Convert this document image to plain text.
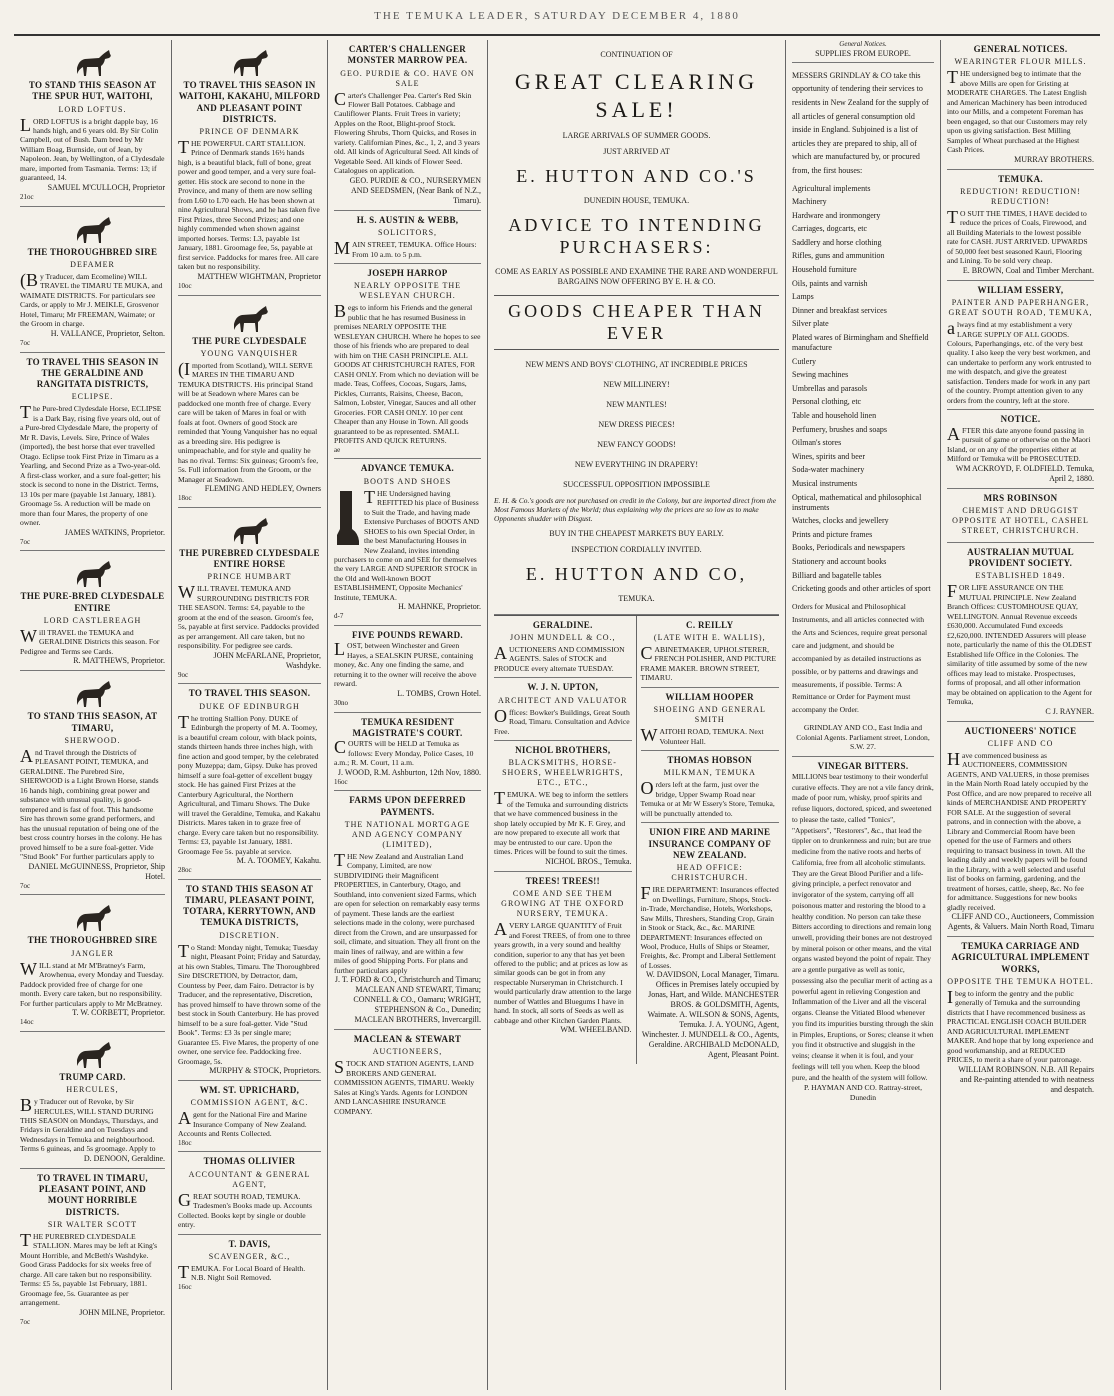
THE TEMUKA LEADER, SATURDAY DECEMBER 4, 1880
TO STAND THIS SEASON AT THE SPUR HUT, WAITOHI,
LORD LOFTUS.

LORD LOFTUS is a bright dapple bay, 16 hands high, and 6 years old. By Sir Colin Campbell, out of Bush. Dam bred by Mr William Boag, Burnside, out of Jean, by Napoleon. Jean, by Wellington, of a Clydesdale mare, imported from Tasmania. Terms: 13; if guaranteed, 14.

SAMUEL M'CULLOCH, Proprietor
21oc
THE THOROUGHBRED SIRE
DEFAMER

(By Traducer, dam Ecomeline) WILL TRAVEL the TIMARU TE MUKA, and WAIMATE DISTRICTS. For particulars see Cards, or apply to Mr J. MEIKLE, Grosvenor Hotel, Timaru; Mr FREEMAN, Waimate; or the Groom in charge.

H. VALLANCE, Proprietor, Selton.
7oc
TO TRAVEL THIS SEASON IN THE GERALDINE AND RANGITATA DISTRICTS,
ECLIPSE.

The Pure-bred Clydesdale Horse, ECLIPSE is a Dark Bay, rising five years old, out of a Pure-bred Clydesdale Mare, the property of Mr R. Davis, Levels. Sire, Prince of Wales (imported), the best horse that ever travelled Otago. Eclipse took First Prize in Timaru as a Yearling, and Second Prize as a Two-year-old. A first-class worker, and a sure foal-getter; his stock is second to none in the District. Terms, 13 10s per mare (payable 1st January, 1881). Groomage 5s. A reduction will be made on more than four Mares, the property of one owner.

JAMES WATKINS, Proprietor.
7oc
THE PURE-BRED CLYDESDALE ENTIRE
LORD CASTLEREAGH

Will TRAVEL the TEMUKA and GERALDINE Districts this season. For Pedigree and Terms see Cards.

R. MATTHEWS, Proprietor.
TO STAND THIS SEASON, AT TIMARU,
SHERWOOD.

And Travel through the Districts of PLEASANT POINT, TEMUKA, and GERALDINE. The Purebred Sire, SHERWOOD is a Light Brown Horse, stands 16 hands high, combining great power and substance with unusual quality, is good-tempered and is fast of foot. This handsome Sire has thrown some grand performers, and has the unusual reputation of being one of the best cross country horses in the colony. He has proved himself to be a sure foal-getter. Vide "Stud Book" For further particulars apply to

DANIEL McGUINNESS, Proprietor, Ship Hotel.
7oc
THE THOROUGHBRED SIRE
JANGLER

WILL stand at Mr M'Bratney's Farm, Arowhenua, every Monday and Tuesday. Paddock provided free of charge for one month. Every care taken, but no responsibility. For further particulars apply to Mr McBratney.

T. W. CORBETT, Proprietor.
14oc
TRUMP CARD.
HERCULES,

By Traducer out of Revoke, by Sir HERCULES, WILL STAND DURING THIS SEASON on Mondays, Thursdays, and Fridays in Geraldine and on Tuesdays and Wednesdays in Temuka and neighbourhood. Terms 6 guineas, and 5s groomage. Apply to

D. DENOON, Geraldine.
TO TRAVEL IN TIMARU, PLEASANT POINT, AND MOUNT HORRIBLE DISTRICTS.
SIR WALTER SCOTT

THE PUREBRED CLYDESDALE STALLION. Mares may be left at King's Mount Horrible, and McBeth's Washdyke. Good Grass Paddocks for six weeks free of charge. All care taken but no responsibility. Terms: £5 5s, payable 1st February, 1881. Groomage fee, 5s. Guarantee as per arrangement.

JOHN MILNE, Proprietor.
7oc
TO TRAVEL THIS SEASON IN WAITOHI, KAKAHU, MILFORD AND PLEASANT POINT DISTRICTS.
PRINCE OF DENMARK

THE POWERFUL CART STALLION. Prince of Denmark stands 16½ hands high, is a beautiful black, full of bone, great power and good temper, and a very sure foal-getter. His stock are second to none in the Province, and many of them are now selling from L60 to L70 each. He has been shown at nine Agricultural Shows, and he has taken five First Prizes, three Second Prizes; and one highly commended when shown against imported horses. Terms: L3, payable 1st January, 1881. Groomage fee, 5s, payable at first service. Paddocks for mares free. All care taken but no responsibility.

MATTHEW WIGHTMAN, Proprietor
10oc
THE PURE CLYDESDALE
YOUNG VANQUISHER

(Imported from Scotland), WILL SERVE MARES IN THE TIMARU AND TEMUKA DISTRICTS. His principal Stand will be at Seadown where Mares can be paddocked one month free of charge. Every care will be taken of Mares in foal or with foals at foot. Owners of good Stock are reminded that Young Vanquisher has no equal as a breeding sire. His pedigree is unimpeachable, and for style and quality he has no rival. Terms: Six guineas; Groom's fee, 5s. Full information from the Groom, or the Manager at Seadown.

FLEMING AND HEDLEY, Owners
18oc
THE PUREBRED CLYDESDALE ENTIRE HORSE
PRINCE HUMBART

WILL TRAVEL TEMUKA AND SURROUNDING DISTRICTS FOR THE SEASON. Terms: £4, payable to the groom at the end of the season. Groom's fee, 5s, payable at first service. Paddocks provided as per arrangement. All care taken, but no responsibility. For pedigree see cards.

JOHN McFARLANE, Proprietor, Washdyke.
9oc
TO TRAVEL THIS SEASON.
DUKE OF EDINBURGH

The trotting Stallion Pony. DUKE of Edinburgh the property of M. A. Toomey, is a beautiful cream colour, with black points, stands thirteen hands three inches high, with fine action and good temper, by the celebrated pony Muzeppa; dam, Gipsy. Duke has proved himself a sure foal-getter of excellent buggy stock. He has gained First Prizes at the Canterbury Agricultural, the Northern Agricultural, and Timaru Shows. The Duke will travel the Geraldine, Temuka, and Kakahu Districts. Mares taken in to graze free of charge. Every care taken but no responsibility. Terms: £3, payable 1st January, 1881. Groomage Fee 5s. payable at service.

M. A. TOOMEY, Kakahu.
28oc
TO STAND THIS SEASON AT TIMARU, PLEASANT POINT, TOTARA, KERRYTOWN, AND TEMUKA DISTRICTS,
DISCRETION.

To Stand: Monday night, Temuka; Tuesday night, Pleasant Point; Friday and Saturday, at his own Stables, Timaru. The Thoroughbred Sire DISCRETION, by Detractor, dam, Countess by Peer, dam Fairo. Detractor is by Traducer, and the representative, Discretion, has proved himself to have thrown some of the best stock in South Canterbury. He has proved himself to be a sure foal-getter. Vide "Stud Book". Terms: £3 3s per single mare; Guarantee £5. Five Mares, the property of one owner, one service fee. Paddocking free. Groomage, 5s.

MURPHY & STOCK, Proprietors.
WM. ST. UPRICHARD,
COMMISSION AGENT, &C.

Agent for the National Fire and Marine Insurance Company of New Zealand. Accounts and Rents Collected.

18oc
THOMAS OLLIVIER
ACCOUNTANT & GENERAL AGENT,

GREAT SOUTH ROAD, TEMUKA. Tradesmen's Books made up. Accounts Collected. Books kept by single or double entry.

T. DAVIS,
SCAVENGER, &C.,

TEMUKA. For Local Board of Health. N.B. Night Soil Removed.

16oc
CARTER'S CHALLENGER MONSTER MARROW PEA.
GEO. PURDIE & CO. HAVE ON SALE

Carter's Challenger Pea. Carter's Red Skin Flower Ball Potatoes. Cabbage and Cauliflower Plants. Fruit Trees in variety; Apples on the Root, Blight-proof Stock. Flowering Shrubs, Thorn Quicks, and Roses in variety. Californian Pines, &c., 1, 2, and 3 years old. All kinds of Agricultural Seed. All kinds of Vegetable Seed. All kinds of Flower Seed. Catalogues on application.

GEO. PURDIE & CO., NURSERYMEN AND SEEDSMEN, (Near Bank of N.Z., Timaru).
H. S. AUSTIN & WEBB,
SOLICITORS,

MAIN STREET, TEMUKA. Office Hours: From 10 a.m. to 5 p.m.

JOSEPH HARROP
NEARLY OPPOSITE THE WESLEYAN CHURCH.

Begs to inform his Friends and the general public that he has resumed Business in premises NEARLY OPPOSITE THE WESLEYAN CHURCH. Where he hopes to see those of his friends who are prepared to deal with him on THE CASH PRINCIPLE. ALL GOODS AT CHRISTCHURCH RATES, FOR CASH ONLY. From which no deviation will be made. Teas, Coffees, Cocoas, Sugars, Jams, Pickles, Currants, Raisins, Cheese, Bacon, Salmon, Lobster, Vinegar, Sauces and all other Groceries. FOR CASH ONLY. 10 per cent Cheaper than any House in Town. All goods guaranteed to be as represented. SMALL PROFITS AND QUICK RETURNS.

ae
ADVANCE TEMUKA.
BOOTS AND SHOES

THE Undersigned having REFITTED his place of Business to Suit the Trade, and having made Extensive Purchases of BOOTS AND SHOES to his own Special Order, in the best Manufacturing Houses in New Zealand, invites intending purchasers to come on and SEE for themselves the very LARGE AND SUPERIOR STOCK in the Old and Well-known BOOT ESTABLISHMENT, Opposite Mechanics' Institute, TEMUKA.

H. MAHNKE, Proprietor.
d-7
FIVE POUNDS REWARD.

LOST, between Winchester and Green Hayes, a SEALSKIN PURSE, containing money, &c. Any one finding the same, and returning it to the owner will receive the above reward.

L. TOMBS, Crown Hotel.
30no
TEMUKA RESIDENT MAGISTRATE'S COURT.

COURTS will be HELD at Temuka as follows: Every Monday, Police Cases, 10 a.m.; R. M. Court, 11 a.m.

J. WOOD, R.M. Ashburton, 12th Nov, 1880.
16oc
FARMS UPON DEFERRED PAYMENTS.
THE NATIONAL MORTGAGE AND AGENCY COMPANY (LIMITED),

THE New Zealand and Australian Land Company, Limited, are now SUBDIVIDING their Magnificent PROPERTIES, in Canterbury, Otago, and Southland, into convenient sized Farms, which are open for selection on remarkably easy terms of payment. These lands are the earliest selections made in the colony, were purchased direct from the Crown, and are unsurpassed for soil, climate, and situation. They all front on the main lines of railway, and are within a few miles of good Shipping Ports. For plans and further particulars apply

J. T. FORD & CO., Christchurch and Timaru; MACLEAN AND STEWART, Timaru; CONNELL & CO., Oamaru; WRIGHT, STEPHENSON & Co., Dunedin; MACLEAN BROTHERS, Invercargill.
MACLEAN & STEWART
AUCTIONEERS,

STOCK AND STATION AGENTS, LAND BROKERS AND GENERAL COMMISSION AGENTS, TIMARU. Weekly Sales at King's Yards. Agents for LONDON AND LANCASHIRE INSURANCE COMPANY.

CONTINUATION OF
GREAT CLEARING SALE!
LARGE ARRIVALS OF SUMMER GOODS.
JUST ARRIVED AT
E. HUTTON AND CO.'S
DUNEDIN HOUSE, TEMUKA.
ADVICE TO INTENDING PURCHASERS:
COME AS EARLY AS POSSIBLE AND EXAMINE THE RARE AND WONDERFUL BARGAINS NOW OFFERING BY E. H. & CO.
GOODS CHEAPER THAN EVER
NEW MEN'S AND BOYS' CLOTHING, AT INCREDIBLE PRICES
NEW MILLINERY!
NEW MANTLES!
NEW DRESS PIECES!
NEW FANCY GOODS!
NEW EVERYTHING IN DRAPERY!
SUCCESSFUL OPPOSITION IMPOSSIBLE
E. H. & Co.'s goods are not purchased on credit in the Colony, but are imported direct from the Most Famous Markets of the World; thus explaining why the prices are so low as to make Opponents shudder with Disgust.
BUY IN THE CHEAPEST MARKETS BUY EARLY.
INSPECTION CORDIALLY INVITED.
E. HUTTON AND CO,
TEMUKA.
GERALDINE.
JOHN MUNDELL & CO.,

AUCTIONEERS AND COMMISSION AGENTS. Sales of STOCK and PRODUCE every alternate TUESDAY.

W. J. N. UPTON,
ARCHITECT AND VALUATOR

Offices: Bowker's Buildings, Great South Road, Timaru. Consultation and Advice Free.

NICHOL BROTHERS,
BLACKSMITHS, HORSE-SHOERS, WHEELWRIGHTS, ETC., ETC.,

TEMUKA. WE beg to inform the settlers of the Temuka and surrounding districts that we have commenced business in the shop lately occupied by Mr K. F. Grey, and are now prepared to execute all work that may be entrusted to our care. Upon the times. Prices will be found to suit the times.

NICHOL BROS., Temuka.
TREES! TREES!!
COME AND SEE THEM GROWING AT THE OXFORD NURSERY, TEMUKA.

AVERY LARGE QUANTITY of Fruit and Forest TREES, of from one to three years growth, in a very sound and healthy condition, superior to any that has yet been offered to the public; and at prices as low as similar goods can be got in from any respectable Nurseryman in Christchurch. I would particularly draw attention to the large number of Wattles and Bluegums I have in hand. In stock, all sorts of Seeds as well as cabbage and other Kitchen Garden Plants.

WM. WHEELBAND.
C. REILLY
(LATE WITH E. WALLIS),

CABINETMAKER, UPHOLSTERER, FRENCH POLISHER, AND PICTURE FRAME MAKER. BROWN STREET, TIMARU.

WILLIAM HOOPER
SHOEING AND GENERAL SMITH

WAITOHI ROAD, TEMUKA. Next Volunteer Hall.

THOMAS HOBSON
MILKMAN, TEMUKA

Orders left at the farm, just over the bridge, Upper Swamp Road near Temuka or at Mr W Essery's Store, Temuka, will be punctually attended to.

UNION FIRE AND MARINE INSURANCE COMPANY OF NEW ZEALAND.
HEAD OFFICE: CHRISTCHURCH.

FIRE DEPARTMENT: Insurances effected on Dwellings, Furniture, Shops, Stock-in-Trade, Merchandise, Hotels, Workshops, Saw Mills, Threshers, Standing Crop, Grain in Stook or Stack, &c., &c. MARINE DEPARTMENT: Insurances effected on Wool, Produce, Hulls of Ships or Steamer, Freights, &c. Prompt and Liberal Settlement of Losses.

W. DAVIDSON, Local Manager, Timaru. Offices in Premises lately occupied by Jonas, Hart, and Wilde. MANCHESTER BROS. & GOLDSMITH, Agents, Waimate. A. WILSON & SONS, Agents, Temuka. J. A. YOUNG, Agent, Winchester. J. MUNDELL & CO., Agents, Geraldine. ARCHIBALD McDONALD, Agent, Pleasant Point.
General Notices.
SUPPLIES FROM EUROPE.

MESSERS GRINDLAY & CO take this opportunity of tendering their services to residents in New Zealand for the supply of all articles of general consumption old inside in England. Subjoined is a list of articles they are prepared to ship, all of which are manufactured by, or procured from, the first houses:

Agricultural implements
Machinery
Hardware and ironmongery
Carriages, dogcarts, etc
Saddlery and horse clothing
Rifles, guns and ammunition
Household furniture
Oils, paints and varnish
Lamps
Dinner and breakfast services
Silver plate
Plated wares of Birmingham and Sheffield manufacture
Cutlery
Sewing machines
Umbrellas and parasols
Personal clothing, etc
Table and household linen
Perfumery, brushes and soaps
Oilman's stores
Wines, spirits and beer
Soda-water machinery
Musical instruments
Optical, mathematical and philosophical instruments
Watches, clocks and jewellery
Prints and picture frames
Books, Periodicals and newspapers
Stationery and account books
Billiard and bagatelle tables
Cricketing goods and other articles of sport

Orders for Musical and Philosophical Instruments, and all articles connected with the Arts and Sciences, require great personal care and judgment, and should be accompanied by as detailed instructions as possible, or by patterns and drawings and measurements, if possible. Terms: A Remittance or Order for Payment must accompany the Order.

GRINDLAY AND CO., East India and Colonial Agents. Parliament street, London, S.W. 27.

VINEGAR BITTERS.

MILLIONS bear testimony to their wonderful curative effects. They are not a vile fancy drink, made of poor rum, whisky, proof spirits and refuse liquors, doctored, spiced, and sweetened to please the taste, called "Tonics", "Appetisers", "Restorers", &c., that lead the tippler on to drunkenness and ruin; but are true medicine from the native roots and herbs of California, free from all alcoholic stimulants. They are the Great Blood Purifier and a life-giving principle, a perfect renovator and invigorator of the system, carrying off all poisonous matter and restoring the blood to a healthy condition. No person can take these Bitters according to directions and remain long unwell, providing their bones are not destroyed by mineral poison or other means, and the vital organs wasted beyond the point of repair. They are a gentle purgative as well as tonic, possessing also the peculiar merit of acting as a powerful agent in relieving Congestion and Inflammation of the Liver and all the visceral organs. Cleanse the Vitiated Blood whenever you find its impurities bursting through the skin in Pimples, Eruptions, or Sores; cleanse it when you find it obstructive and sluggish in the veins; cleanse it when it is foul, and your feelings will tell you when. Keep the blood pure, and the health of the system will follow.

P. HAYMAN AND CO. Rattray-street, Dunedin

GENERAL NOTICES.
WEARINGTER FLOUR MILLS.

THE undersigned beg to intimate that the above Mills are open for Gristing at MODERATE CHARGES. The Latest English and American Machinery has been introduced into our Mills, and a competent Foreman has been engaged, so that our Customers may rely upon us giving satisfaction. Best Milling Samples of Wheat purchased at the Highest Cash Prices.

MURRAY BROTHERS.
TEMUKA.
REDUCTION! REDUCTION! REDUCTION!

TO SUIT THE TIMES, I HAVE decided to reduce the prices of Coals, Firewood, and all Building Materials to the lowest possible rate for CASH. JUST ARRIVED. UPWARDS of 50,000 feet best seasoned Kauri, Flooring and Lining. To be sold very cheap.

E. BROWN, Coal and Timber Merchant.
WILLIAM ESSERY,
PAINTER AND PAPERHANGER, GREAT SOUTH ROAD, TEMUKA,

always find at my establishment a very LARGE SUPPLY OF ALL GOODS. Colours, Paperhangings, etc. of the very best quality. I also keep the very best workmen, and can undertake to perform any work entrusted to me with despatch, and give the greatest satisfaction. Tenders made for work in any part of the country. Prompt attention given to any orders from the country, left at the store.

NOTICE.

AFTER this date anyone found passing in pursuit of game or otherwise on the Maori Island, or on any of the properties either at Milford or Temuka will be PROSECUTED.

WM ACKROYD, F. OLDFIELD. Temuka, April 2, 1880.
MRS ROBINSON
CHEMIST AND DRUGGIST OPPOSITE AT HOTEL, CASHEL STREET, CHRISTCHURCH.
AUSTRALIAN MUTUAL PROVIDENT SOCIETY.
ESTABLISHED 1849.

FOR LIFE ASSURANCE ON THE MUTUAL PRINCIPLE. New Zealand Branch Offices: CUSTOMHOUSE QUAY, WELLINGTON. Annual Revenue exceeds £630,000. Accumulated Fund exceeds £2,620,000. INTENDED Assurers will please note, particularly the name of this the OLDEST Established life Office in the Colonies. The similarity of title assumed by some of the new offices may lead to mistake. Prospectuses, forms of proposal, and all other information may be obtained on application to the Agent for Temuka,

C J. RAYNER.
AUCTIONEERS' NOTICE
CLIFF AND CO

Have commenced business as AUCTIONEERS, COMMISSION AGENTS, AND VALUERS, in those premises in the Main North Road lately occupied by the Post Office, and are now prepared to receive all kinds of MERCHANDISE AND PROPERTY FOR SALE. At the suggestion of several patrons, and in connection with the above, a Library and Commercial Room have been opened for the use of Farmers and others requiring to transact business in town. All the leading daily and weekly papers will be found in the Library, with a well selected and useful list of books on farming, gardening, and the treatment of horses, cattle, sheep, &c. No fee for admittance. Suggestions for new books gladly received.

CLIFF AND CO., Auctioneers, Commission Agents, & Valuers. Main North Road, Timaru
TEMUKA CARRIAGE AND AGRICULTURAL IMPLEMENT WORKS,
OPPOSITE THE TEMUKA HOTEL.

Ibeg to inform the gentry and the public generally of Temuka and the surrounding districts that I have recommenced business as PRACTICAL ENGLISH COACH BUILDER AND AGRICULTURAL IMPLEMENT MAKER. And hope that by long experience and good workmanship, and at REDUCED PRICES, to merit a share of your patronage.

WILLIAM ROBINSON. N.B. All Repairs and Re-painting attended to with neatness and despatch.
